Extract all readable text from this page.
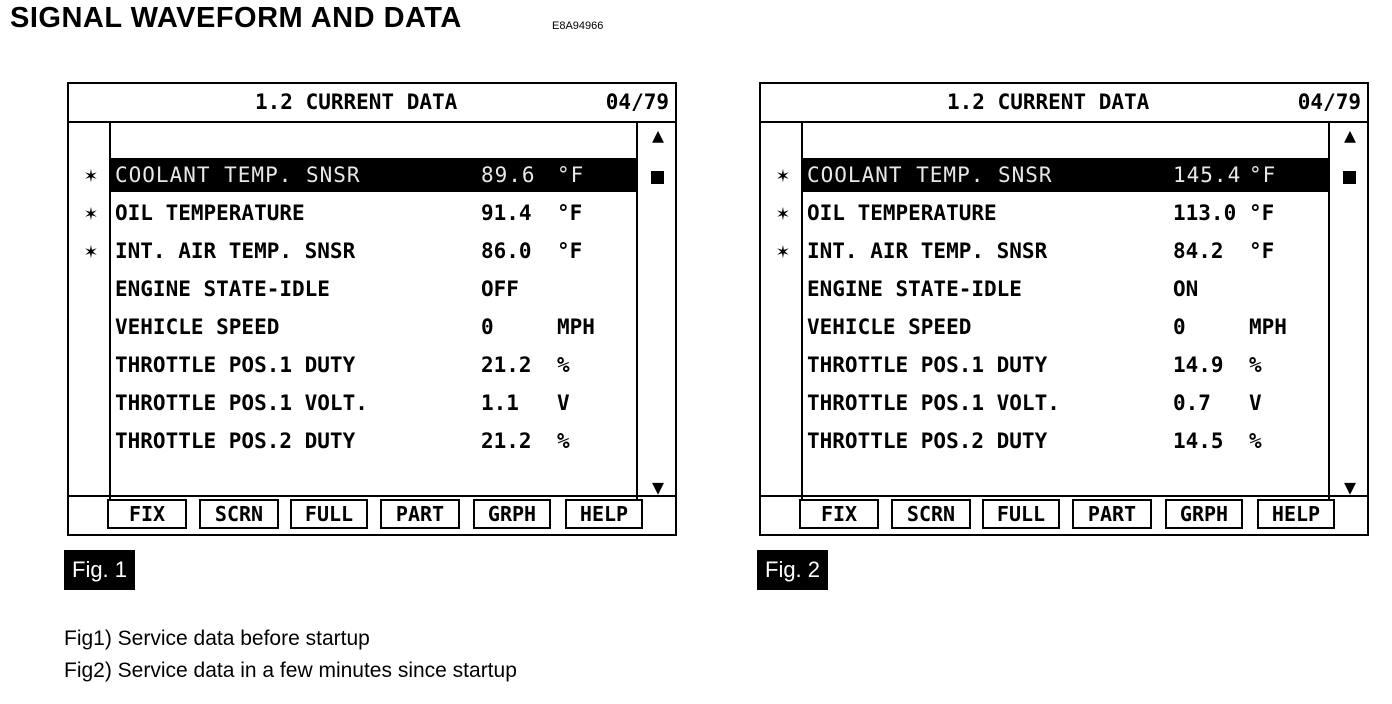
SIGNAL WAVEFORM AND DATA	E8A94966
1.2 CURRENT DATA	04/79
▲
▼
✶ COOLANT TEMP. SNSR	89.6 °F
✶ OIL TEMPERATURE	91.4 °F
✶ INT. AIR TEMP. SNSR	86.0 °F
ENGINE STATE-IDLE	OFF
VEHICLE SPEED	0	MPH
THROTTLE POS.1 DUTY	21.2 %
THROTTLE POS.1 VOLT.	1.1 V
THROTTLE POS.2 DUTY	21.2 %
FIX	SCRN	FULL	PART	GRPH	HELP
1.2 CURRENT DATA	04/79
▲
▼
✶ COOLANT TEMP. SNSR	145.4 °F
✶ OIL TEMPERATURE	113.0 °F
✶ INT. AIR TEMP. SNSR	84.2 °F
ENGINE STATE-IDLE	ON
VEHICLE SPEED	0	MPH
THROTTLE POS.1 DUTY	14.9 %
THROTTLE POS.1 VOLT.	0.7 V
THROTTLE POS.2 DUTY	14.5 %
FIX	SCRN	FULL	PART	GRPH	HELP
Fig. 1	Fig. 2
Fig1) Service data before startup
Fig2) Service data in a few minutes since startup
